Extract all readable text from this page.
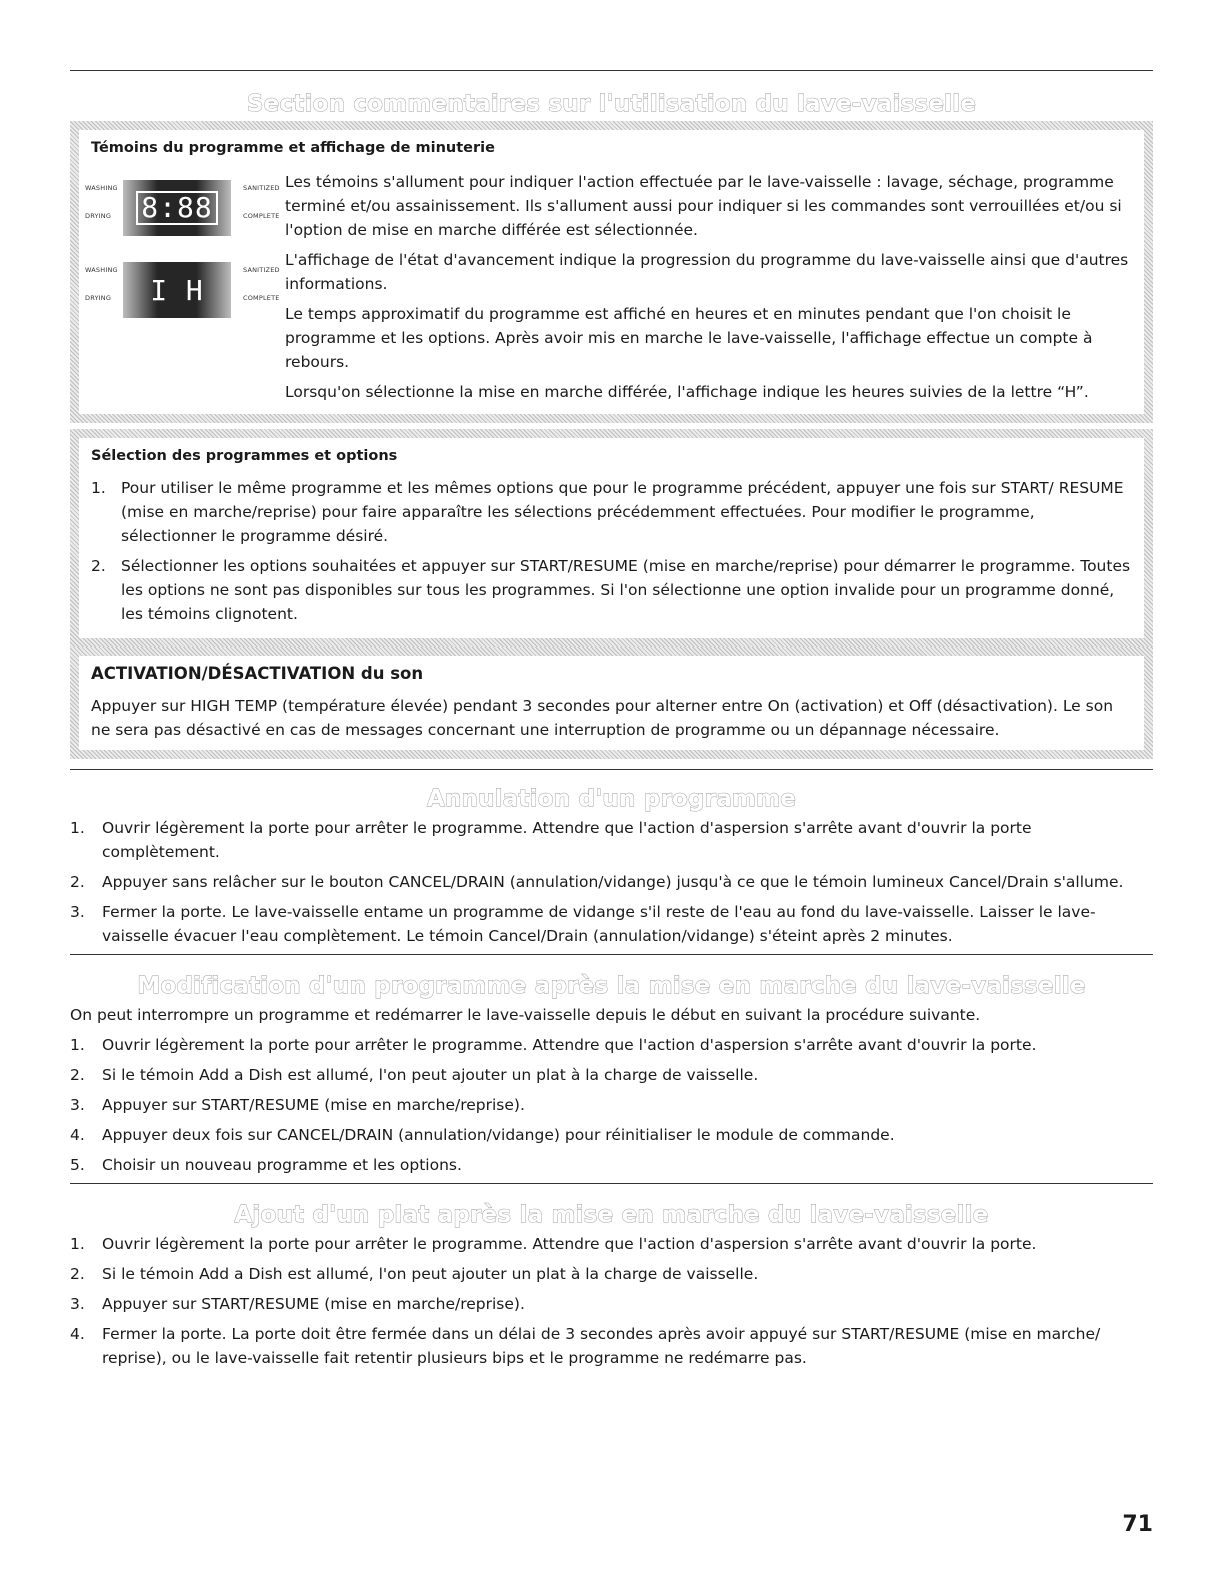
Section commentaires sur l'utilisation du lave-vaisselle
Témoins du programme et affichage de minuterie
WASHING
DRYING 8:88
SANITIZED
COMPLETE
WASHING
DRYING I H
SANITIZED
COMPLETE

Les témoins s'allument pour indiquer l'action effectuée par le lave-vaisselle : lavage, séchage, programme terminé et/ou assainissement. Ils s'allument aussi pour indiquer si les commandes sont verrouillées et/ou si l'option de mise en marche différée est sélectionnée.

L'affichage de l'état d'avancement indique la progression du programme du lave-vaisselle ainsi que d'autres informations.

Le temps approximatif du programme est affiché en heures et en minutes pendant que l'on choisit le programme et les options. Après avoir mis en marche le lave-vaisselle, l'affichage effectue un compte à rebours.

Lorsqu'on sélectionne la mise en marche différée, l'affichage indique les heures suivies de la lettre “H”.

Sélection des programmes et options
1. Pour utiliser le même programme et les mêmes options que pour le programme précédent, appuyer une fois sur START/ RESUME (mise en marche/reprise) pour faire apparaître les sélections précédemment effectuées. Pour modifier le programme, sélectionner le programme désiré.
2. Sélectionner les options souhaitées et appuyer sur START/RESUME (mise en marche/reprise) pour démarrer le programme. Toutes les options ne sont pas disponibles sur tous les programmes. Si l'on sélectionne une option invalide pour un programme donné, les témoins clignotent.
ACTIVATION/DÉSACTIVATION du son

Appuyer sur HIGH TEMP (température élevée) pendant 3 secondes pour alterner entre On (activation) et Off (désactivation). Le son ne sera pas désactivé en cas de messages concernant une interruption de programme ou un dépannage nécessaire.

Annulation d'un programme
1. Ouvrir légèrement la porte pour arrêter le programme. Attendre que l'action d'aspersion s'arrête avant d'ouvrir la porte complètement.
2. Appuyer sans relâcher sur le bouton CANCEL/DRAIN (annulation/vidange) jusqu'à ce que le témoin lumineux Cancel/Drain s'allume.
3. Fermer la porte. Le lave-vaisselle entame un programme de vidange s'il reste de l'eau au fond du lave-vaisselle. Laisser le lave-vaisselle évacuer l'eau complètement. Le témoin Cancel/Drain (annulation/vidange) s'éteint après 2 minutes.
Modification d'un programme après la mise en marche du lave-vaisselle

On peut interrompre un programme et redémarrer le lave-vaisselle depuis le début en suivant la procédure suivante.

1. Ouvrir légèrement la porte pour arrêter le programme. Attendre que l'action d'aspersion s'arrête avant d'ouvrir la porte.
2. Si le témoin Add a Dish est allumé, l'on peut ajouter un plat à la charge de vaisselle.
3. Appuyer sur START/RESUME (mise en marche/reprise).
4. Appuyer deux fois sur CANCEL/DRAIN (annulation/vidange) pour réinitialiser le module de commande.
5. Choisir un nouveau programme et les options.
Ajout d'un plat après la mise en marche du lave-vaisselle
1. Ouvrir légèrement la porte pour arrêter le programme. Attendre que l'action d'aspersion s'arrête avant d'ouvrir la porte.
2. Si le témoin Add a Dish est allumé, l'on peut ajouter un plat à la charge de vaisselle.
3. Appuyer sur START/RESUME (mise en marche/reprise).
4. Fermer la porte. La porte doit être fermée dans un délai de 3 secondes après avoir appuyé sur START/RESUME (mise en marche/ reprise), ou le lave-vaisselle fait retentir plusieurs bips et le programme ne redémarre pas.
71
